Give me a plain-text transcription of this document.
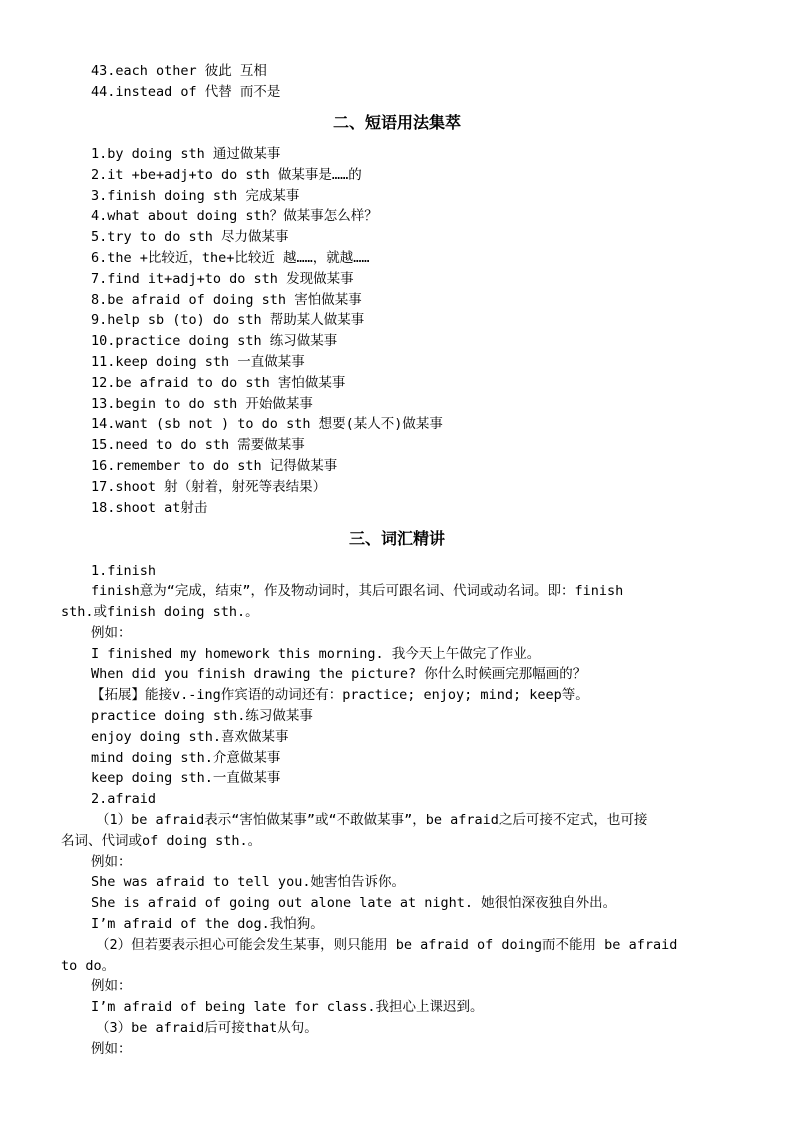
43.each other 彼此 互相
44.instead of 代替 而不是
二、短语用法集萃
1.by doing sth 通过做某事
2.it +be+adj+to do sth 做某事是……的
3.finish doing sth 完成某事
4.what about doing sth？做某事怎么样？
5.try to do sth 尽力做某事
6.the +比较近，the+比较近 越……，就越……
7.find it+adj+to do sth 发现做某事
8.be afraid of doing sth 害怕做某事
9.help sb (to) do sth 帮助某人做某事
10.practice doing sth 练习做某事
11.keep doing sth 一直做某事
12.be afraid to do sth 害怕做某事
13.begin to do sth 开始做某事
14.want (sb not ) to do sth 想要(某人不)做某事
15.need to do sth 需要做某事
16.remember to do sth 记得做某事
17.shoot 射（射着，射死等表结果）
18.shoot at射击
三、词汇精讲
1.finish
finish意为“完成，结束”，作及物动词时，其后可跟名词、代词或动名词。即：finish
sth.或finish doing sth.。
例如：
I finished my homework this morning. 我今天上午做完了作业。
When did you finish drawing the picture? 你什么时候画完那幅画的？
【拓展】能接v.-ing作宾语的动词还有：practice; enjoy; mind; keep等。
practice doing sth.练习做某事
enjoy doing sth.喜欢做某事
mind doing sth.介意做某事
keep doing sth.一直做某事
2.afraid
（1）be afraid表示“害怕做某事”或“不敢做某事”，be afraid之后可接不定式，也可接
名词、代词或of doing sth.。
例如：
She was afraid to tell you.她害怕告诉你。
She is afraid of going out alone late at night. 她很怕深夜独自外出。
I’m afraid of the dog.我怕狗。
（2）但若要表示担心可能会发生某事，则只能用 be afraid of doing而不能用 be afraid
to do。
例如：
I’m afraid of being late for class.我担心上课迟到。
（3）be afraid后可接that从句。
例如：
